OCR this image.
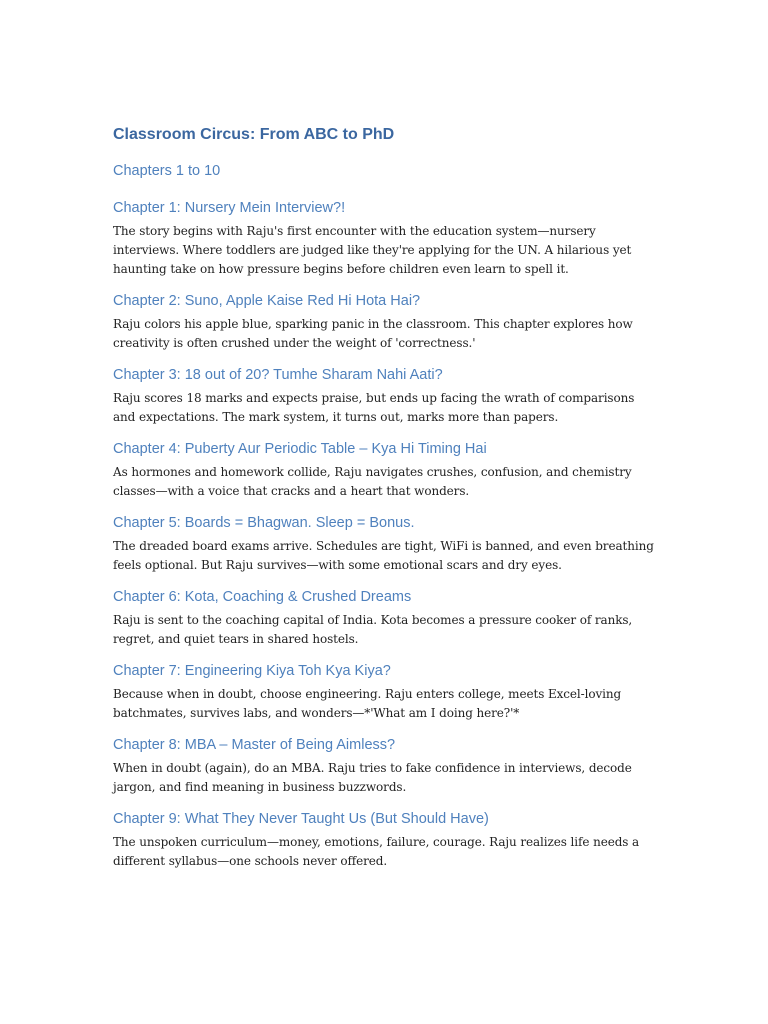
Classroom Circus: From ABC to PhD
Chapters 1 to 10
Chapter 1: Nursery Mein Interview?!

The story begins with Raju's first encounter with the education system—nursery interviews. Where toddlers are judged like they're applying for the UN. A hilarious yet haunting take on how pressure begins before children even learn to spell it.

Chapter 2: Suno, Apple Kaise Red Hi Hota Hai?

Raju colors his apple blue, sparking panic in the classroom. This chapter explores how creativity is often crushed under the weight of 'correctness.'

Chapter 3: 18 out of 20? Tumhe Sharam Nahi Aati?

Raju scores 18 marks and expects praise, but ends up facing the wrath of comparisons and expectations. The mark system, it turns out, marks more than papers.

Chapter 4: Puberty Aur Periodic Table – Kya Hi Timing Hai

As hormones and homework collide, Raju navigates crushes, confusion, and chemistry classes—with a voice that cracks and a heart that wonders.

Chapter 5: Boards = Bhagwan. Sleep = Bonus.

The dreaded board exams arrive. Schedules are tight, WiFi is banned, and even breathing feels optional. But Raju survives—with some emotional scars and dry eyes.

Chapter 6: Kota, Coaching & Crushed Dreams

Raju is sent to the coaching capital of India. Kota becomes a pressure cooker of ranks, regret, and quiet tears in shared hostels.

Chapter 7: Engineering Kiya Toh Kya Kiya?

Because when in doubt, choose engineering. Raju enters college, meets Excel-loving batchmates, survives labs, and wonders—*'What am I doing here?'*

Chapter 8: MBA – Master of Being Aimless?

When in doubt (again), do an MBA. Raju tries to fake confidence in interviews, decode jargon, and find meaning in business buzzwords.

Chapter 9: What They Never Taught Us (But Should Have)

The unspoken curriculum—money, emotions, failure, courage. Raju realizes life needs a different syllabus—one schools never offered.
